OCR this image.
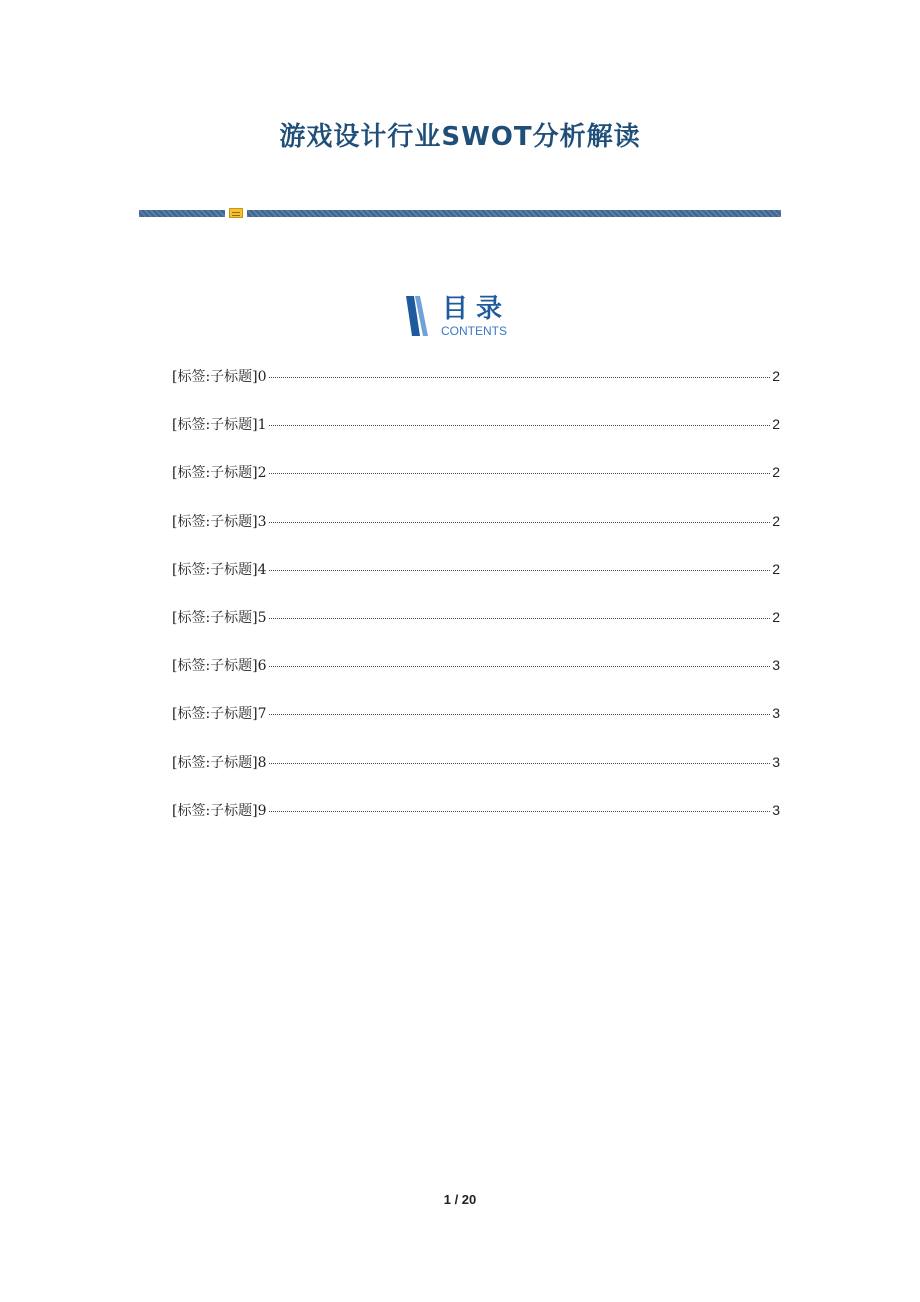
游戏设计行业SWOT分析解读
目录
CONTENTS
[标签:子标题]0	2
[标签:子标题]1	2
[标签:子标题]2	2
[标签:子标题]3	2
[标签:子标题]4	2
[标签:子标题]5	2
[标签:子标题]6	3
[标签:子标题]7	3
[标签:子标题]8	3
[标签:子标题]9	3
1 / 20
